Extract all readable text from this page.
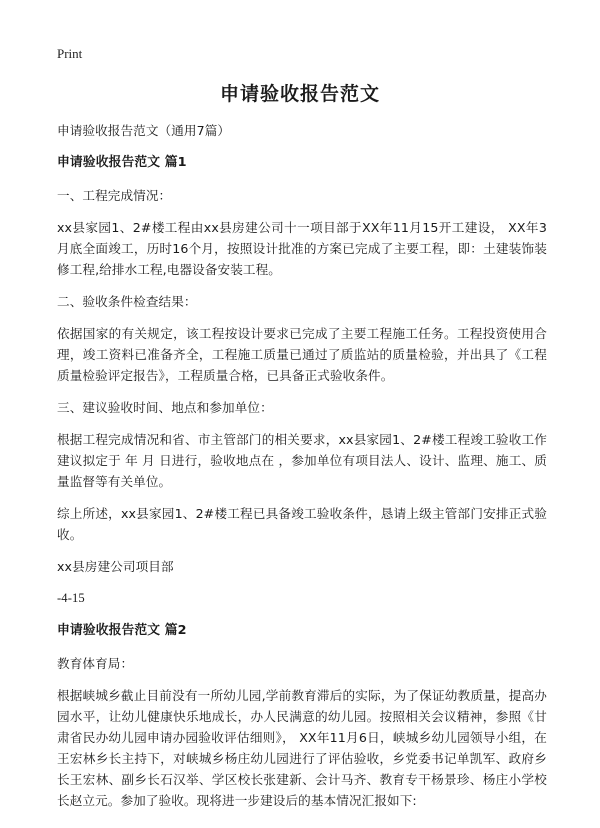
Print
申请验收报告范文

申请验收报告范文（通用7篇）

申请验收报告范文 篇1

一、工程完成情况：

xx县家园1、2#楼工程由xx县房建公司十一项目部于XX年11月15开工建设， XX年3月底全面竣工，历时16个月，按照设计批准的方案已完成了主要工程，即：土建装饰装修工程,给排水工程,电器设备安装工程。

二、验收条件检查结果：

依据国家的有关规定，该工程按设计要求已完成了主要工程施工任务。工程投资使用合理，竣工资料已准备齐全，工程施工质量已通过了质监站的质量检验，并出具了《工程质量检验评定报告》，工程质量合格，已具备正式验收条件。

三、建议验收时间、地点和参加单位：

根据工程完成情况和省、市主管部门的相关要求，xx县家园1、2#楼工程竣工验收工作建议拟定于 年 月 日进行，验收地点在 ，参加单位有项目法人、设计、监理、施工、质量监督等有关单位。

综上所述，xx县家园1、2#楼工程已具备竣工验收条件，恳请上级主管部门安排正式验收。

xx县房建公司项目部

-4-15

申请验收报告范文 篇2

教育体育局：

根据峡城乡截止目前没有一所幼儿园,学前教育滞后的实际，为了保证幼教质量，提高办园水平，让幼儿健康快乐地成长，办人民满意的幼儿园。按照相关会议精神，参照《甘肃省民办幼儿园申请办园验收评估细则》， XX年11月6日，峡城乡幼儿园领导小组，在王宏林乡长主持下，对峡城乡杨庄幼儿园进行了评估验收，乡党委书记单凯军、政府乡长王宏林、副乡长石汉举、学区校长张建新、会计马齐、教育专干杨景珍、杨庄小学校长赵立元。参加了验收。现将进一步建设后的基本情况汇报如下:
